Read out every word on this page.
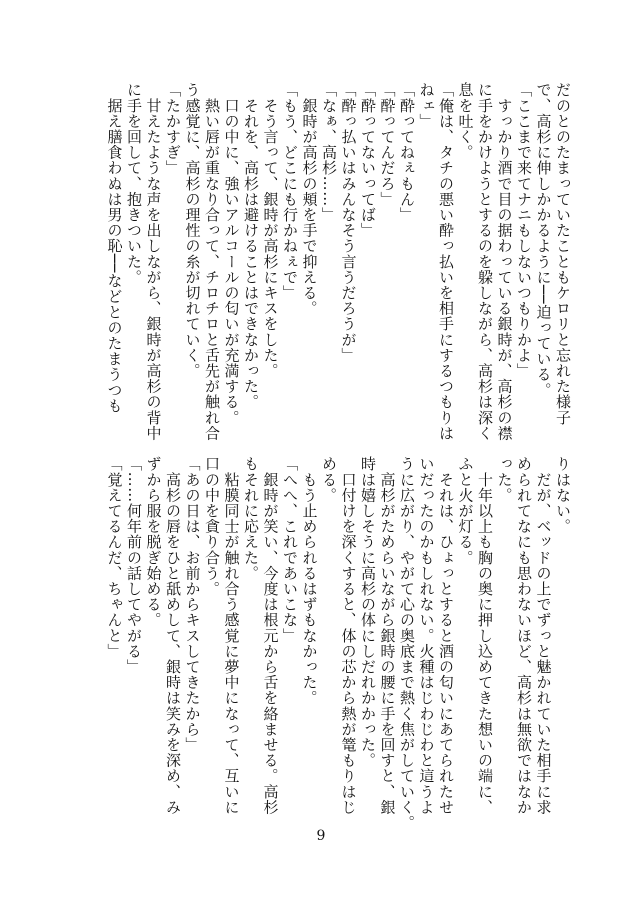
だのとのたまっていたこともケロリと忘れた様子
で、高杉に伸しかかるように──迫っている。
「ここまで来てナニもしないつもりかよ」
　すっかり酒で目の据わっている銀時が、高杉の襟
に手をかけようとするのを躱しながら、高杉は深く
息を吐く。
「俺は、タチの悪い酔っ払いを相手にするつもりは
ねェ」
「酔ってねぇもん」
「酔ってんだろ」
「酔ってないってば」
「酔っ払いはみんなそう言うだろうが」
「なぁ、高杉……」
　銀時が高杉の頬を手で抑える。
「もう、どこにも行かねぇで」
　そう言って、銀時が高杉にキスをした。
　それを、高杉は避けることはできなかった。
　口の中に、強いアルコールの匂いが充満する。
　熱い唇が重なり合って、チロチロと舌先が触れ合
う感覚に、高杉の理性の糸が切れていく。
「たかすぎ」
　甘えたような声を出しながら、銀時が高杉の背中
に手を回して、抱きついた。
　据え膳食わぬは男の恥──などとのたまうつも
りはない。
　だが、ベッドの上でずっと魅かれていた相手に求
められてなにも思わないほど、高杉は無欲ではなか
った。
　十年以上も胸の奥に押し込めてきた想いの端に、
ふと火が灯る。
　それは、ひょっとすると酒の匂いにあてられたせ
いだったのかもしれない。火種はじわじわと這うよ
うに広がり、やがて心の奥底まで熱く焦がしていく。
　高杉がためらいながら銀時の腰に手を回すと、銀
時は嬉しそうに高杉の体にしだれかかった。
　口付けを深くすると、体の芯から熱が篭もりはじ
める。
　もう止められるはずもなかった。
「へへ、これであいこな」
　銀時が笑い、今度は根元から舌を絡ませる。高杉
もそれに応えた。
　粘膜同士が触れ合う感覚に夢中になって、互いに
口の中を貪り合う。
「あの日は、お前からキスしてきたから」
　高杉の唇をひと舐めして、銀時は笑みを深め、み
ずから服を脱ぎ始める。
「……何年前の話してやがる」
「覚えてるんだ、ちゃんと」
9
